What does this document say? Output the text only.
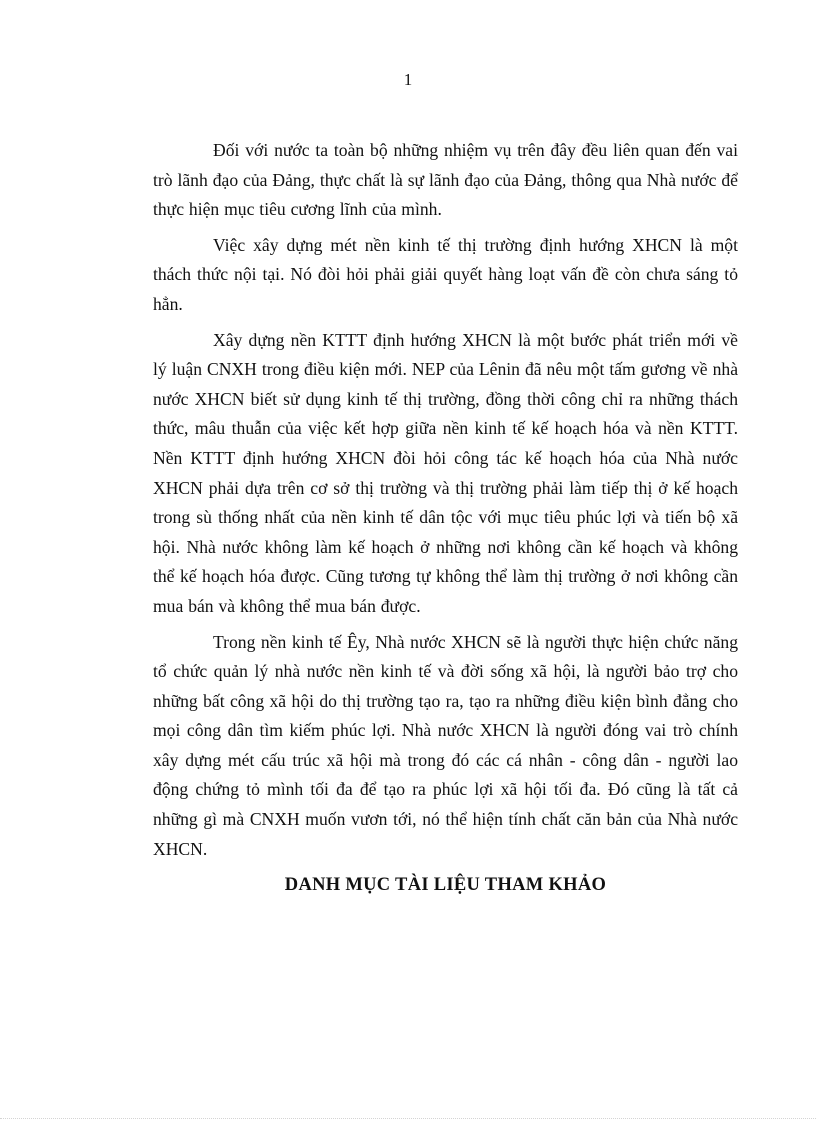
1

Đối với nước ta toàn bộ những nhiệm vụ trên đây đều liên quan đến vai trò lãnh đạo của Đảng, thực chất là sự lãnh đạo của Đảng, thông qua Nhà nước để thực hiện mục tiêu cương lĩnh của mình.

Việc xây dựng mét nền kinh tế thị trường định hướng XHCN là một thách thức nội tại. Nó đòi hỏi phải giải quyết hàng loạt vấn đề còn chưa sáng tỏ hẳn.

Xây dựng nền KTTT định hướng XHCN là một bước phát triển mới về lý luận CNXH trong điều kiện mới. NEP của Lênin đã nêu một tấm gương về nhà nước XHCN biết sử dụng kinh tế thị trường, đồng thời công chỉ ra những thách thức, mâu thuẫn của việc kết hợp giữa nền kinh tế kế hoạch hóa và nền KTTT. Nền KTTT định hướng XHCN đòi hỏi công tác kế hoạch hóa của Nhà nước XHCN phải dựa trên cơ sở thị trường và thị trường phải làm tiếp thị ở kế hoạch trong sù thống nhất của nền kinh tế dân tộc với mục tiêu phúc lợi và tiến bộ xã hội. Nhà nước không làm kế hoạch ở những nơi không cần kế hoạch và không thể kế hoạch hóa được. Cũng tương tự không thể làm thị trường ở nơi không cần mua bán và không thể mua bán được.

Trong nền kinh tế Êy, Nhà nước XHCN sẽ là người thực hiện chức năng tổ chức quản lý nhà nước nền kinh tế và đời sống xã hội, là người bảo trợ cho những bất công xã hội do thị trường tạo ra, tạo ra những điều kiện bình đẳng cho mọi công dân tìm kiếm phúc lợi. Nhà nước XHCN là người đóng vai trò chính xây dựng mét cấu trúc xã hội mà trong đó các cá nhân - công dân - người lao động chứng tỏ mình tối đa để tạo ra phúc lợi xã hội tối đa. Đó cũng là tất cả những gì mà CNXH muốn vươn tới, nó thể hiện tính chất căn bản của Nhà nước XHCN.

DANH MỤC TÀI LIỆU THAM KHẢO
